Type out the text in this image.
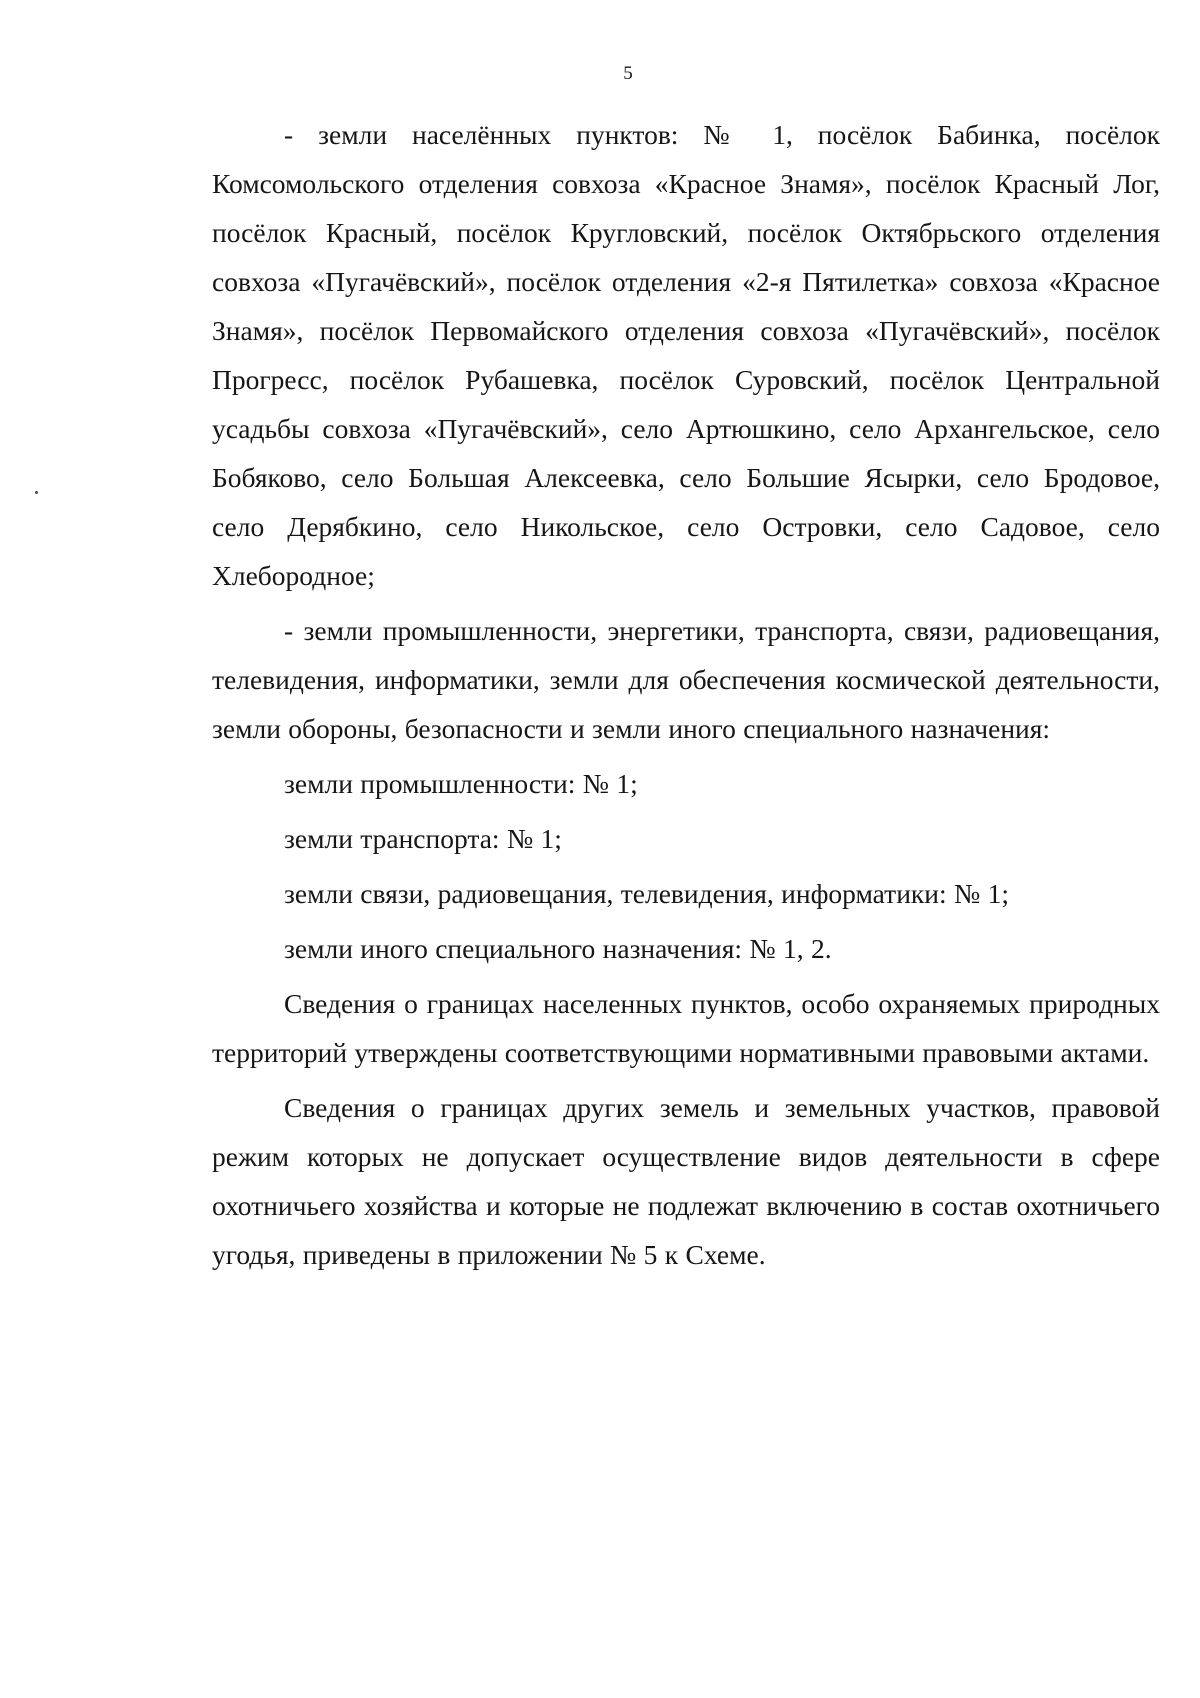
5

- земли населённых пунктов: № 1, посёлок Бабинка, посёлок Комсомольского отделения совхоза «Красное Знамя», посёлок Красный Лог, посёлок Красный, посёлок Кругловский, посёлок Октябрьского отделения совхоза «Пугачёвский», посёлок отделения «2-я Пятилетка» совхоза «Красное Знамя», посёлок Первомайского отделения совхоза «Пугачёвский», посёлок Прогресс, посёлок Рубашевка, посёлок Суровский, посёлок Центральной усадьбы совхоза «Пугачёвский», село Артюшкино, село Архангельское, село Бобяково, село Большая Алексеевка, село Большие Ясырки, село Бродовое, село Дерябкино, село Никольское, село Островки, село Садовое, село Хлебородное;

- земли промышленности, энергетики, транспорта, связи, радиовещания, телевидения, информатики, земли для обеспечения космической деятельности, земли обороны, безопасности и земли иного специального назначения:

земли промышленности: № 1;

земли транспорта: № 1;

земли связи, радиовещания, телевидения, информатики: № 1;

земли иного специального назначения: № 1, 2.

Сведения о границах населенных пунктов, особо охраняемых природных территорий утверждены соответствующими нормативными правовыми актами.

Сведения о границах других земель и земельных участков, правовой режим которых не допускает осуществление видов деятельности в сфере охотничьего хозяйства и которые не подлежат включению в состав охотничьего угодья, приведены в приложении № 5 к Схеме.
